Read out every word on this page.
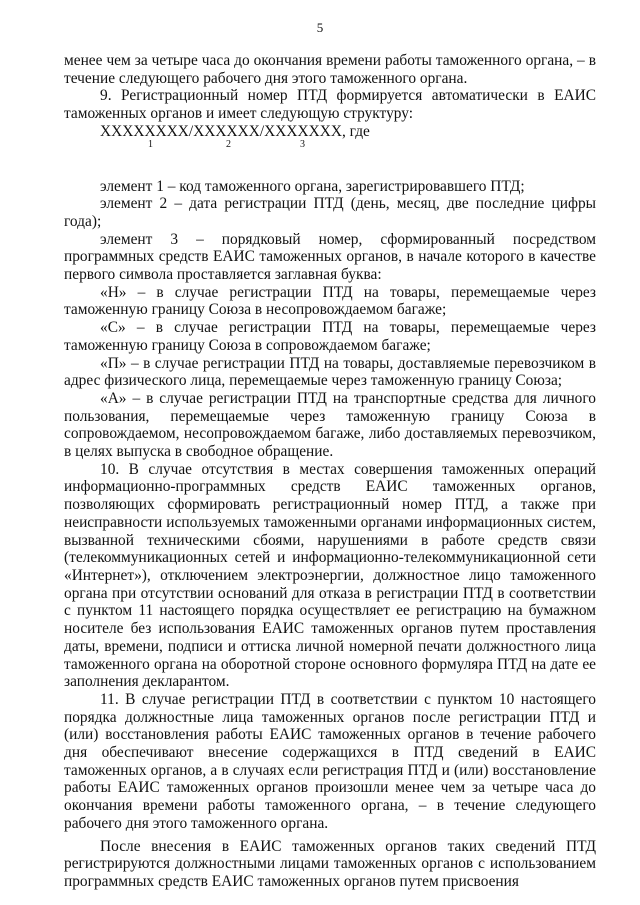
5

менее чем за четыре часа до окончания времени работы таможенного органа, – в течение следующего рабочего дня этого таможенного органа.

9. Регистрационный номер ПТД формируется автоматически в ЕАИС таможенных органов и имеет следующую структуру:

XXXXXXXX/XXXXXX/XXXXXXX, где

1	2	3

элемент 1 – код таможенного органа, зарегистрировавшего ПТД;

элемент 2 – дата регистрации ПТД (день, месяц, две последние цифры года);

элемент 3 – порядковый номер, сформированный посредством программных средств ЕАИС таможенных органов, в начале которого в качестве первого символа проставляется заглавная буква:

«Н» – в случае регистрации ПТД на товары, перемещаемые через таможенную границу Союза в несопровождаемом багаже;

«С» – в случае регистрации ПТД на товары, перемещаемые через таможенную границу Союза в сопровождаемом багаже;

«П» – в случае регистрации ПТД на товары, доставляемые перевозчиком в адрес физического лица, перемещаемые через таможенную границу Союза;

«А» – в случае регистрации ПТД на транспортные средства для личного пользования, перемещаемые через таможенную границу Союза в сопровождаемом, несопровождаемом багаже, либо доставляемых перевозчиком, в целях выпуска в свободное обращение.

10. В случае отсутствия в местах совершения таможенных операций информационно-программных средств ЕАИС таможенных органов, позволяющих сформировать регистрационный номер ПТД, а также при неисправности используемых таможенными органами информационных систем, вызванной техническими сбоями, нарушениями в работе средств связи (телекоммуникационных сетей и информационно-телекоммуникационной сети «Интернет»), отключением электроэнергии, должностное лицо таможенного органа при отсутствии оснований для отказа в регистрации ПТД в соответствии с пунктом 11 настоящего порядка осуществляет ее регистрацию на бумажном носителе без использования ЕАИС таможенных органов путем проставления даты, времени, подписи и оттиска личной номерной печати должностного лица таможенного органа на оборотной стороне основного формуляра ПТД на дате ее заполнения декларантом.

11. В случае регистрации ПТД в соответствии с пунктом 10 настоящего порядка должностные лица таможенных органов после регистрации ПТД и (или) восстановления работы ЕАИС таможенных органов в течение рабочего дня обеспечивают внесение содержащихся в ПТД сведений в ЕАИС таможенных органов, а в случаях если регистрация ПТД и (или) восстановление работы ЕАИС таможенных органов произошли менее чем за четыре часа до окончания времени работы таможенного органа, – в течение следующего рабочего дня этого таможенного органа.

После внесения в ЕАИС таможенных органов таких сведений ПТД регистрируются должностными лицами таможенных органов с использованием программных средств ЕАИС таможенных органов путем присвоения
